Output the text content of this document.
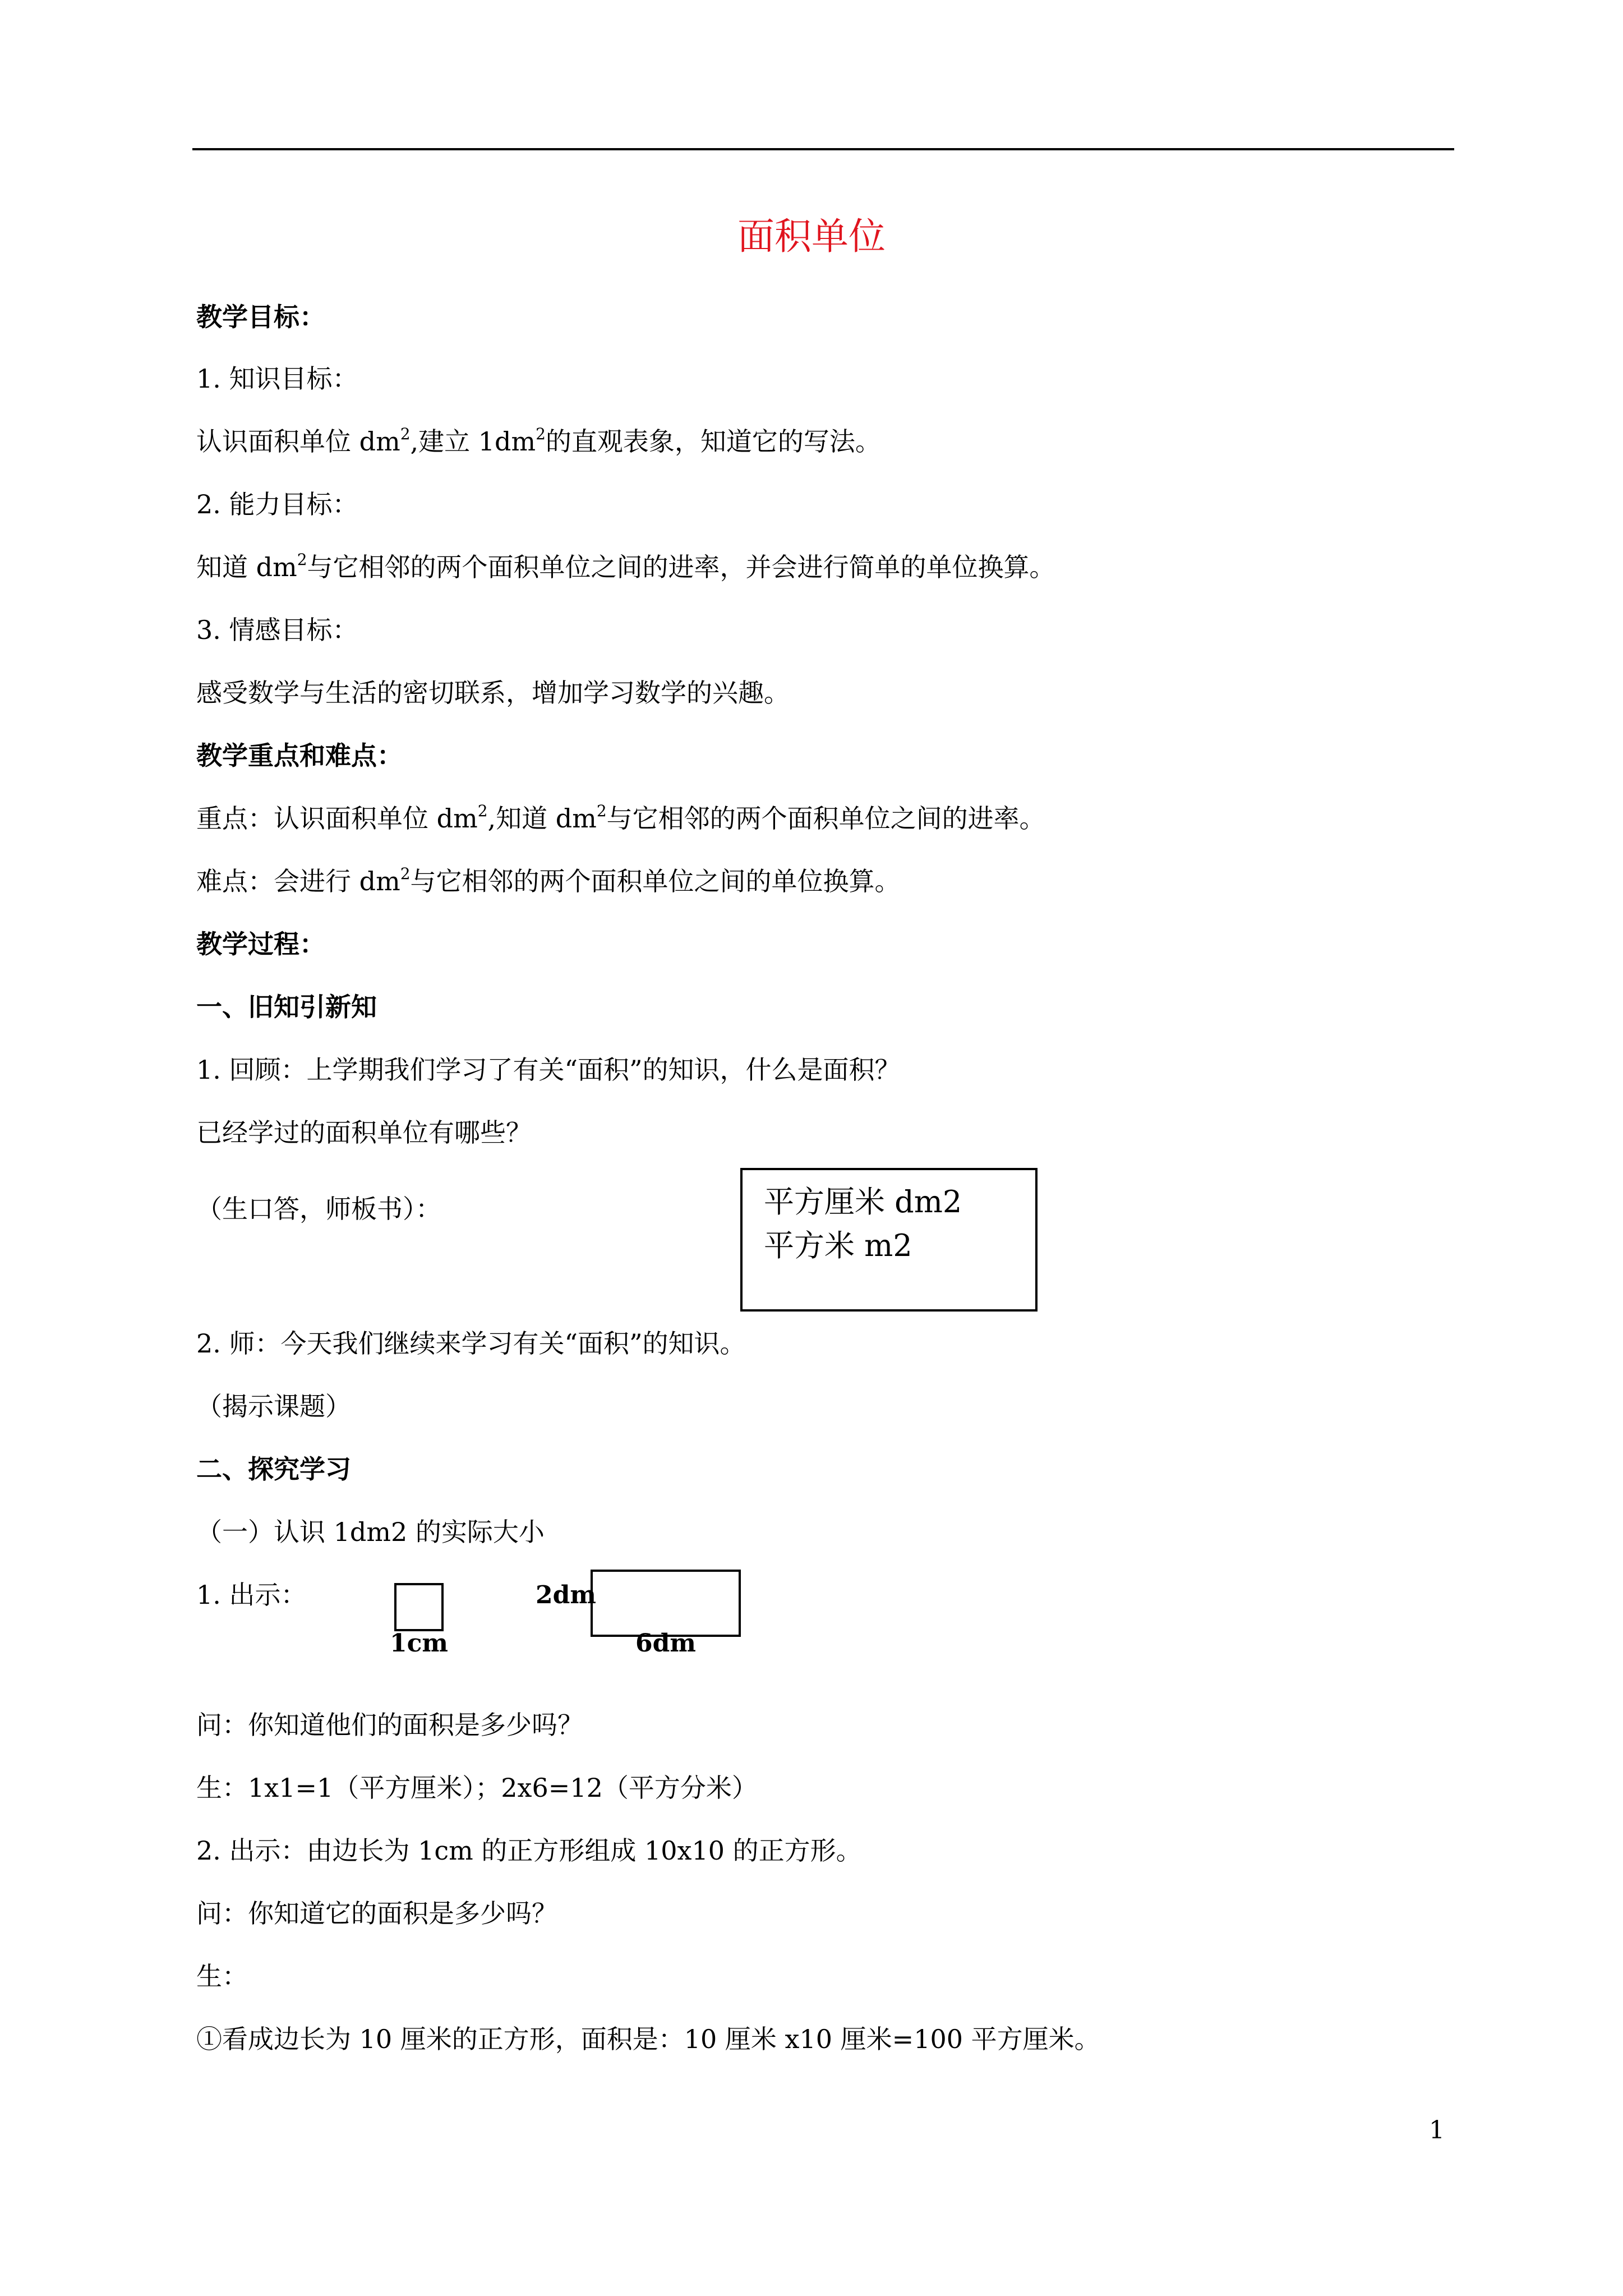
面积单位
教学目标：
1. 知识目标：
认识面积单位 $dm^2$,建立 $1dm^2$的直观表象，知道它的写法。
2. 能力目标：
知道 $dm^2$与它相邻的两个面积单位之间的进率，并会进行简单的单位换算。
3. 情感目标：
感受数学与生活的密切联系，增加学习数学的兴趣。
教学重点和难点：
重点：认识面积单位 $dm^2$,知道 $dm^2$与它相邻的两个面积单位之间的进率。
难点：会进行 $dm^2$与它相邻的两个面积单位之间的单位换算。
教学过程：
一、旧知引新知
1. 回顾：上学期我们学习了有关“面积”的知识，什么是面积？
已经学过的面积单位有哪些？
（生口答，师板书）：	平方厘米 dm2
平方米 m2
2. 师：今天我们继续来学习有关“面积”的知识。
（揭示课题）
二、探究学习
（一）认识 1dm2 的实际大小
1. 出示：
1cm
2dm
6dm
问：你知道他们的面积是多少吗？
生：1x1=1（平方厘米）；2x6=12（平方分米）
2. 出示：由边长为 1cm 的正方形组成 10x10 的正方形。
问：你知道它的面积是多少吗？
生：
①看成边长为 10 厘米的正方形，面积是：10 厘米 x10 厘米=100 平方厘米。
1
